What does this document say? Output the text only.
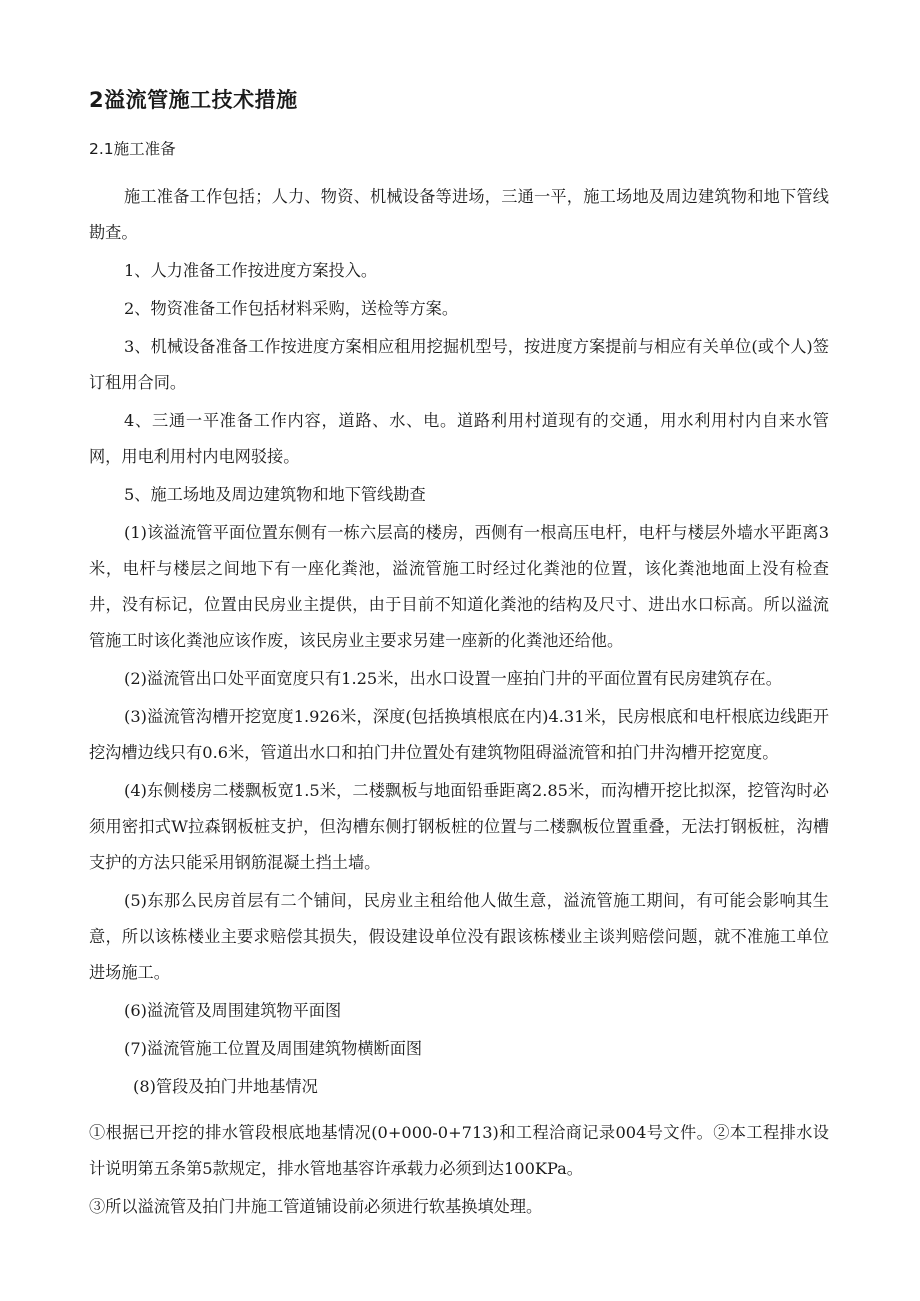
2溢流管施工技术措施
2.1施工准备

施工准备工作包括；人力、物资、机械设备等进场，三通一平，施工场地及周边建筑物和地下管线勘查。

1、人力准备工作按进度方案投入。

2、物资准备工作包括材料采购，送检等方案。

3、机械设备准备工作按进度方案相应租用挖掘机型号，按进度方案提前与相应有关单位(或个人)签订租用合同。

4、三通一平准备工作内容，道路、水、电。道路利用村道现有的交通，用水利用村内自来水管网，用电利用村内电网驳接。

5、施工场地及周边建筑物和地下管线勘查

(1)该溢流管平面位置东侧有一栋六层高的楼房，西侧有一根高压电杆，电杆与楼层外墙水平距离3米，电杆与楼层之间地下有一座化粪池，溢流管施工时经过化粪池的位置，该化粪池地面上没有检查井，没有标记，位置由民房业主提供，由于目前不知道化粪池的结构及尺寸、进出水口标高。所以溢流管施工时该化粪池应该作废，该民房业主要求另建一座新的化粪池还给他。

(2)溢流管出口处平面宽度只有1.25米，出水口设置一座拍门井的平面位置有民房建筑存在。

(3)溢流管沟槽开挖宽度1.926米，深度(包括换填根底在内)4.31米，民房根底和电杆根底边线距开挖沟槽边线只有0.6米，管道出水口和拍门井位置处有建筑物阻碍溢流管和拍门井沟槽开挖宽度。

(4)东侧楼房二楼飘板宽1.5米，二楼飘板与地面铅垂距离2.85米，而沟槽开挖比拟深，挖管沟时必须用密扣式W拉森钢板桩支护，但沟槽东侧打钢板桩的位置与二楼飘板位置重叠，无法打钢板桩，沟槽支护的方法只能采用钢筋混凝土挡土墙。

(5)东那么民房首层有二个铺间，民房业主租给他人做生意，溢流管施工期间，有可能会影响其生意，所以该栋楼业主要求赔偿其损失，假设建设单位没有跟该栋楼业主谈判赔偿问题，就不准施工单位进场施工。

(6)溢流管及周围建筑物平面图

(7)溢流管施工位置及周围建筑物横断面图

(8)管段及拍门井地基情况

①根据已开挖的排水管段根底地基情况(0+000-0+713)和工程洽商记录004号文件。②本工程排水设计说明第五条第5款规定，排水管地基容许承载力必须到达100KPa。

③所以溢流管及拍门井施工管道铺设前必须进行软基换填处理。
